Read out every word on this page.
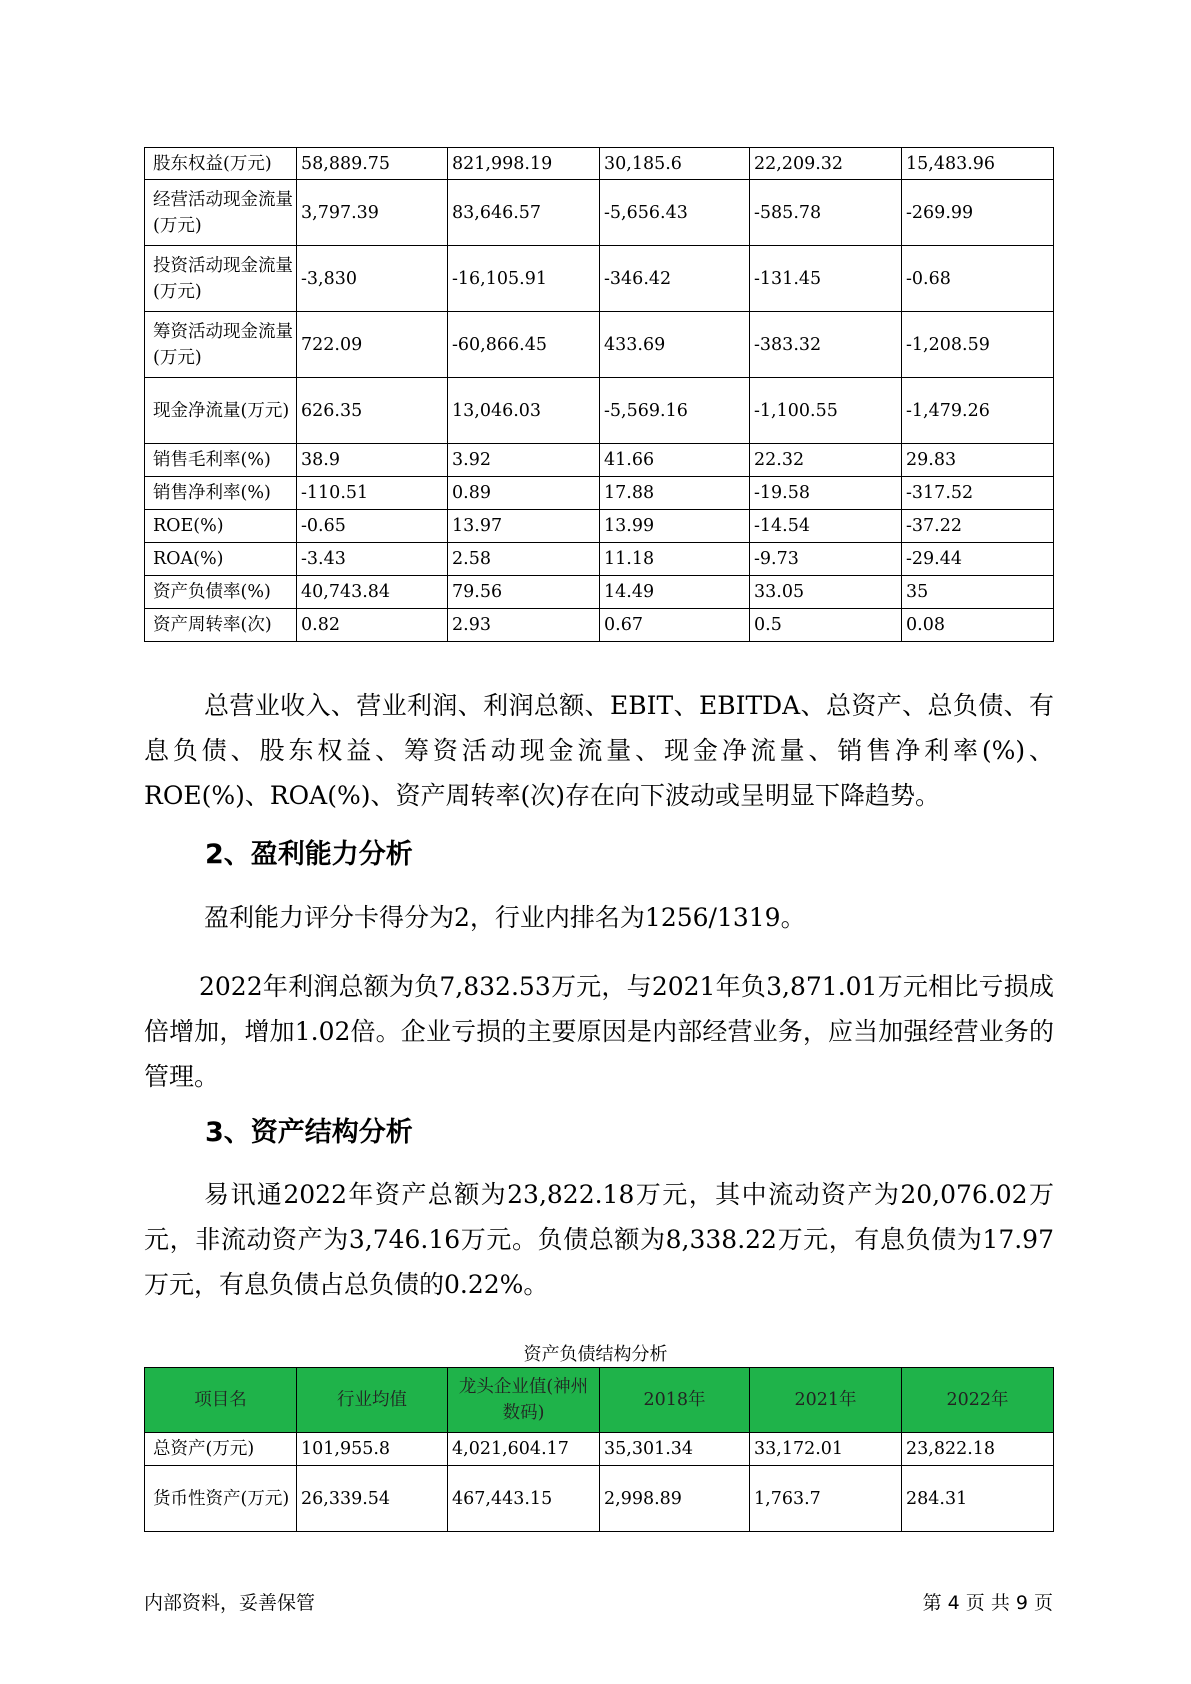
股东权益(万元)	58,889.75	821,998.19	30,185.6	22,209.32	15,483.96
经营活动现金流量(万元)	3,797.39	83,646.57	-5,656.43	-585.78	-269.99
投资活动现金流量(万元)	-3,830	-16,105.91	-346.42	-131.45	-0.68
筹资活动现金流量(万元)	722.09	-60,866.45	433.69	-383.32	-1,208.59
现金净流量(万元)	626.35	13,046.03	-5,569.16	-1,100.55	-1,479.26
销售毛利率(%)	38.9	3.92	41.66	22.32	29.83
销售净利率(%)	-110.51	0.89	17.88	-19.58	-317.52
ROE(%)	-0.65	13.97	13.99	-14.54	-37.22
ROA(%)	-3.43	2.58	11.18	-9.73	-29.44
资产负债率(%)	40,743.84	79.56	14.49	33.05	35
资产周转率(次)	0.82	2.93	0.67	0.5	0.08

总营业收入、营业利润、利润总额、EBIT、EBITDA、总资产、总负债、有息负债、股东权益、筹资活动现金流量、现金净流量、销售净利率(%)、ROE(%)、ROA(%)、资产周转率(次)存在向下波动或呈明显下降趋势。

2、盈利能力分析

盈利能力评分卡得分为2，行业内排名为1256/1319。

2022年利润总额为负7,832.53万元，与2021年负3,871.01万元相比亏损成倍增加，增加1.02倍。企业亏损的主要原因是内部经营业务，应当加强经营业务的管理。

3、资产结构分析

易讯通2022年资产总额为23,822.18万元，其中流动资产为20,076.02万元，非流动资产为3,746.16万元。负债总额为8,338.22万元，有息负债为17.97万元，有息负债占总负债的0.22%。

资产负债结构分析
项目名	行业均值	龙头企业值(神州数码)	2018年	2021年	2022年
总资产(万元)	101,955.8	4,021,604.17	35,301.34	33,172.01	23,822.18
货币性资产(万元)	26,339.54	467,443.15	2,998.89	1,763.7	284.31
内部资料，妥善保管	第 4 页 共 9 页
